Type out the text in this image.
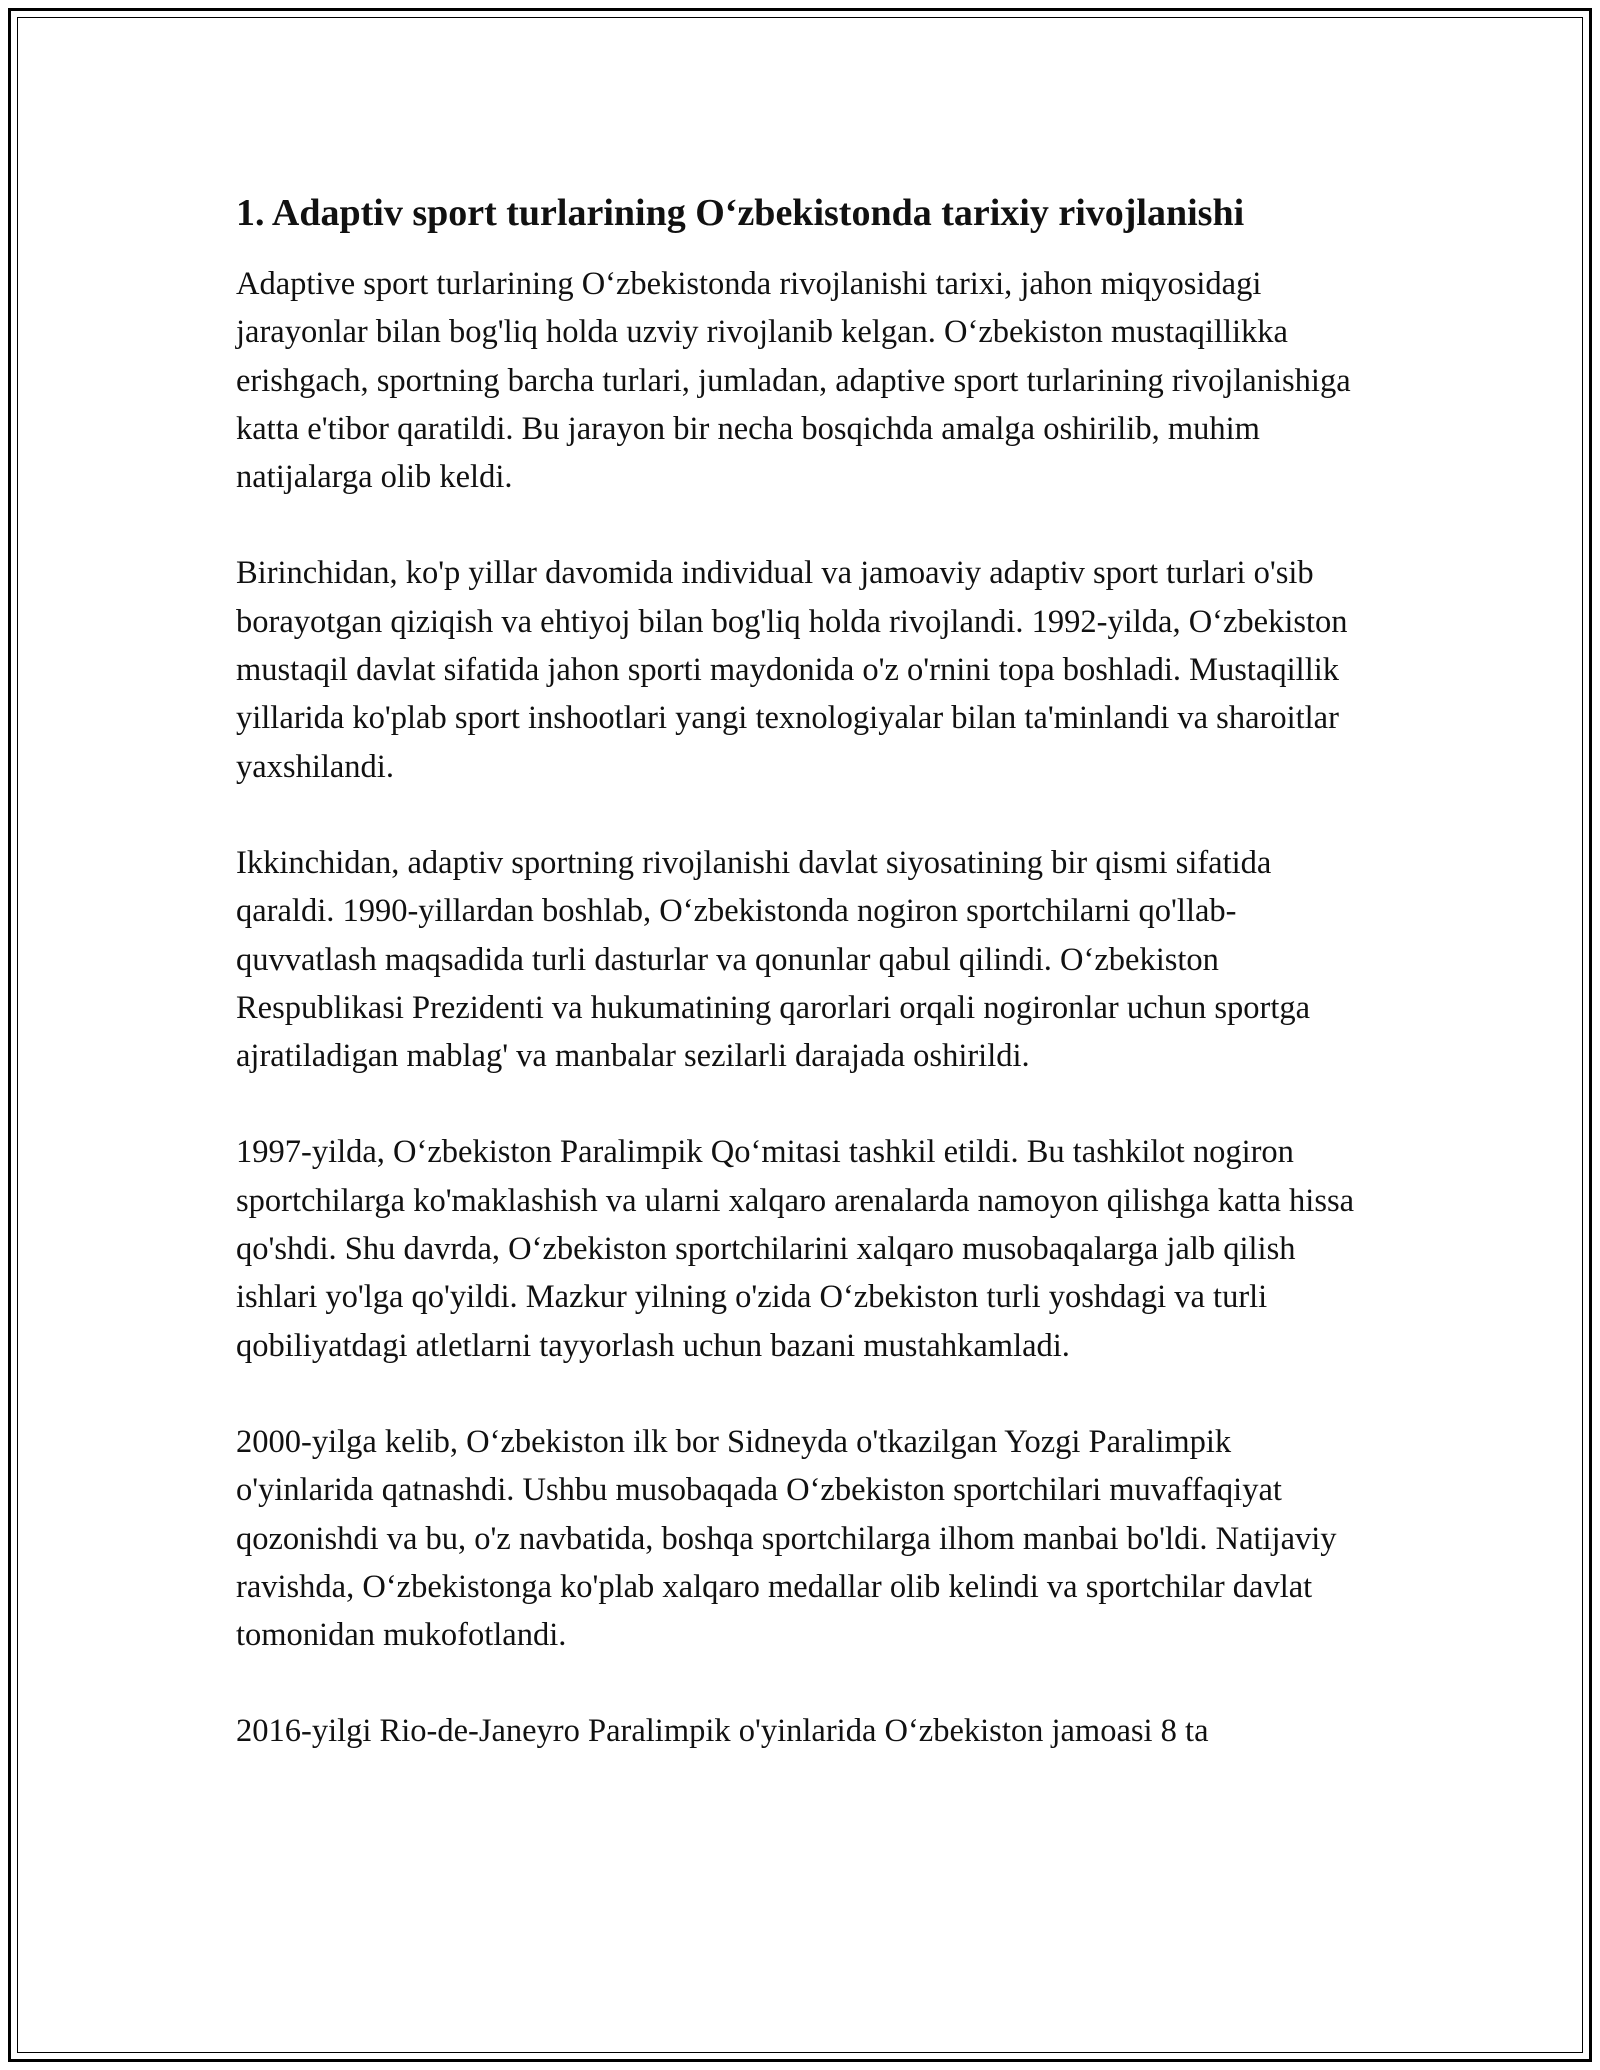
1. Adaptiv sport turlarining O‘zbekistonda tarixiy rivojlanishi

Adaptive sport turlarining O‘zbekistonda rivojlanishi tarixi, jahon miqyosidagi jarayonlar bilan bog'liq holda uzviy rivojlanib kelgan. O‘zbekiston mustaqillikka erishgach, sportning barcha turlari, jumladan, adaptive sport turlarining rivojlanishiga katta e'tibor qaratildi. Bu jarayon bir necha bosqichda amalga oshirilib, muhim natijalarga olib keldi.

Birinchidan, ko'p yillar davomida individual va jamoaviy adaptiv sport turlari o'sib borayotgan qiziqish va ehtiyoj bilan bog'liq holda rivojlandi. 1992-yilda, O‘zbekiston mustaqil davlat sifatida jahon sporti maydonida o'z o'rnini topa boshladi. Mustaqillik yillarida ko'plab sport inshootlari yangi texnologiyalar bilan ta'minlandi va sharoitlar yaxshilandi.

Ikkinchidan, adaptiv sportning rivojlanishi davlat siyosatining bir qismi sifatida qaraldi. 1990-yillardan boshlab, O‘zbekistonda nogiron sportchilarni qo'llab-quvvatlash maqsadida turli dasturlar va qonunlar qabul qilindi. O‘zbekiston Respublikasi Prezidenti va hukumatining qarorlari orqali nogironlar uchun sportga ajratiladigan mablag' va manbalar sezilarli darajada oshirildi.

1997-yilda, O‘zbekiston Paralimpik Qo‘mitasi tashkil etildi. Bu tashkilot nogiron sportchilarga ko'maklashish va ularni xalqaro arenalarda namoyon qilishga katta hissa qo'shdi. Shu davrda, O‘zbekiston sportchilarini xalqaro musobaqalarga jalb qilish ishlari yo'lga qo'yildi. Mazkur yilning o'zida O‘zbekiston turli yoshdagi va turli qobiliyatdagi atletlarni tayyorlash uchun bazani mustahkamladi.

2000-yilga kelib, O‘zbekiston ilk bor Sidneyda o'tkazilgan Yozgi Paralimpik o'yinlarida qatnashdi. Ushbu musobaqada O‘zbekiston sportchilari muvaffaqiyat qozonishdi va bu, o'z navbatida, boshqa sportchilarga ilhom manbai bo'ldi. Natijaviy ravishda, O‘zbekistonga ko'plab xalqaro medallar olib kelindi va sportchilar davlat tomonidan mukofotlandi.

2016-yilgi Rio-de-Janeyro Paralimpik o'yinlarida O‘zbekiston jamoasi 8 ta
